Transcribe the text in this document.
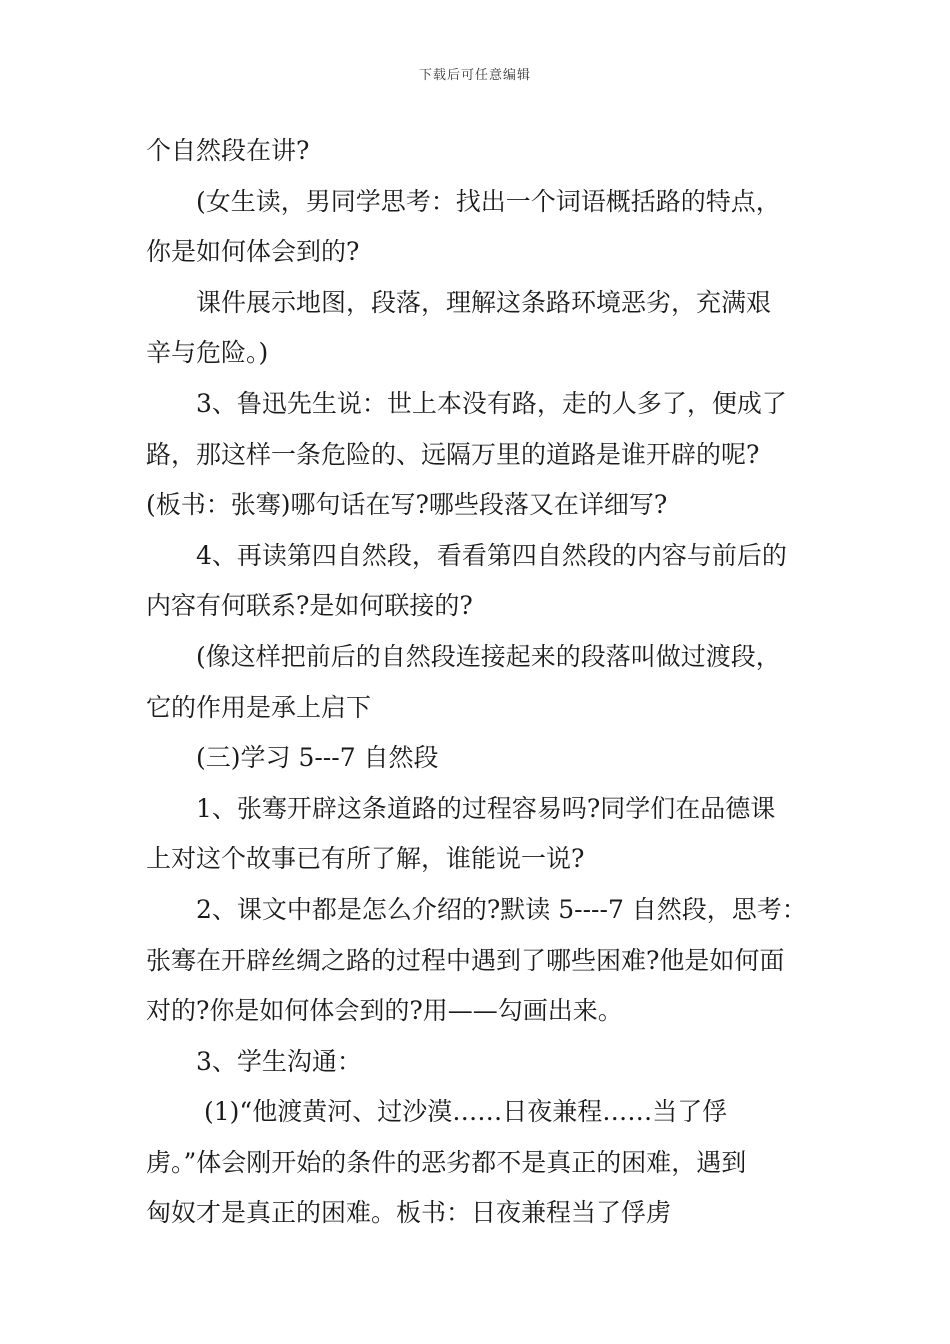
下载后可任意编辑
个自然段在讲?
(女生读，男同学思考：找出一个词语概括路的特点，
你是如何体会到的?
课件展示地图，段落，理解这条路环境恶劣，充满艰
辛与危险。)
3、鲁迅先生说：世上本没有路，走的人多了，便成了
路，那这样一条危险的、远隔万里的道路是谁开辟的呢?
(板书：张骞)哪句话在写?哪些段落又在详细写?
4、再读第四自然段，看看第四自然段的内容与前后的
内容有何联系?是如何联接的?
(像这样把前后的自然段连接起来的段落叫做过渡段，
它的作用是承上启下
(三)学习 5---7 自然段
1、张骞开辟这条道路的过程容易吗?同学们在品德课
上对这个故事已有所了解，谁能说一说?
2、课文中都是怎么介绍的?默读 5----7 自然段，思考：
张骞在开辟丝绸之路的过程中遇到了哪些困难?他是如何面
对的?你是如何体会到的?用——勾画出来。
3、学生沟通：
(1)“他渡黄河、过沙漠……日夜兼程……当了俘
虏。”体会刚开始的条件的恶劣都不是真正的困难，遇到
匈奴才是真正的困难。板书：日夜兼程当了俘虏
